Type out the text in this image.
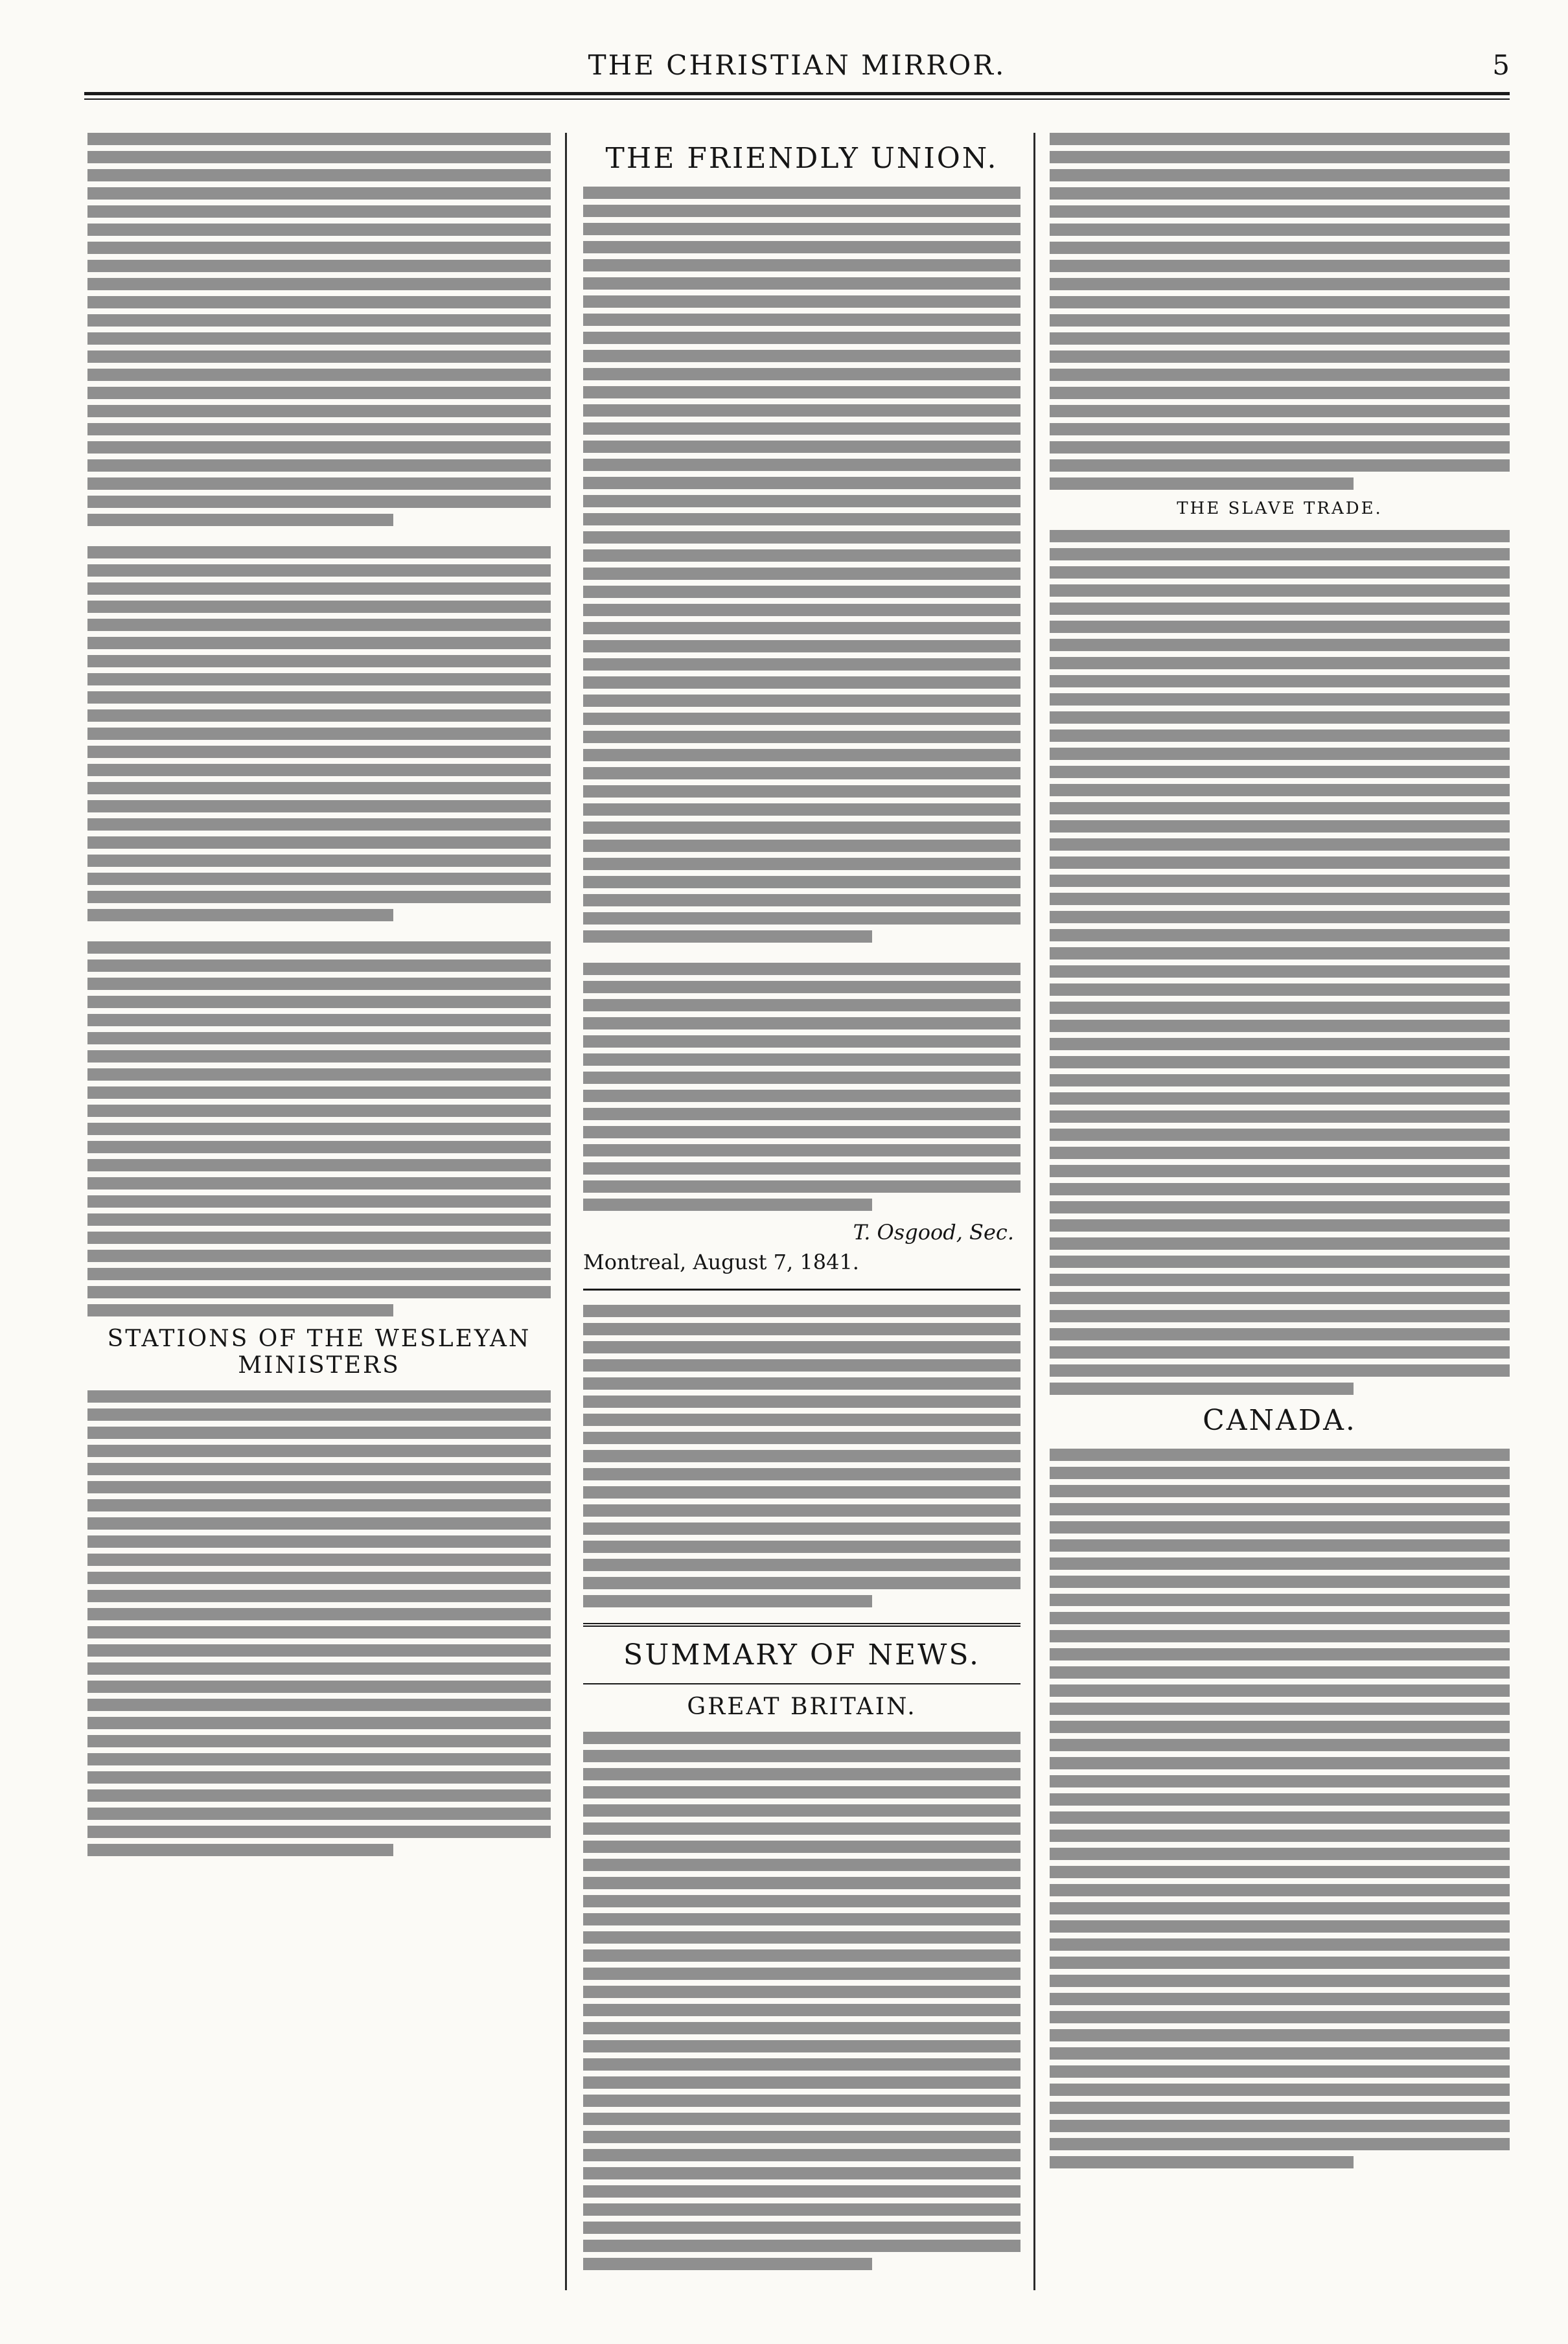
THE CHRISTIAN MIRROR.	5
STATIONS OF THE WESLEYAN MINISTERS
THE FRIENDLY UNION.
T. Osgood, Sec.
Montreal, August 7, 1841.
SUMMARY OF NEWS.
GREAT BRITAIN.
THE SLAVE TRADE.
CANADA.
